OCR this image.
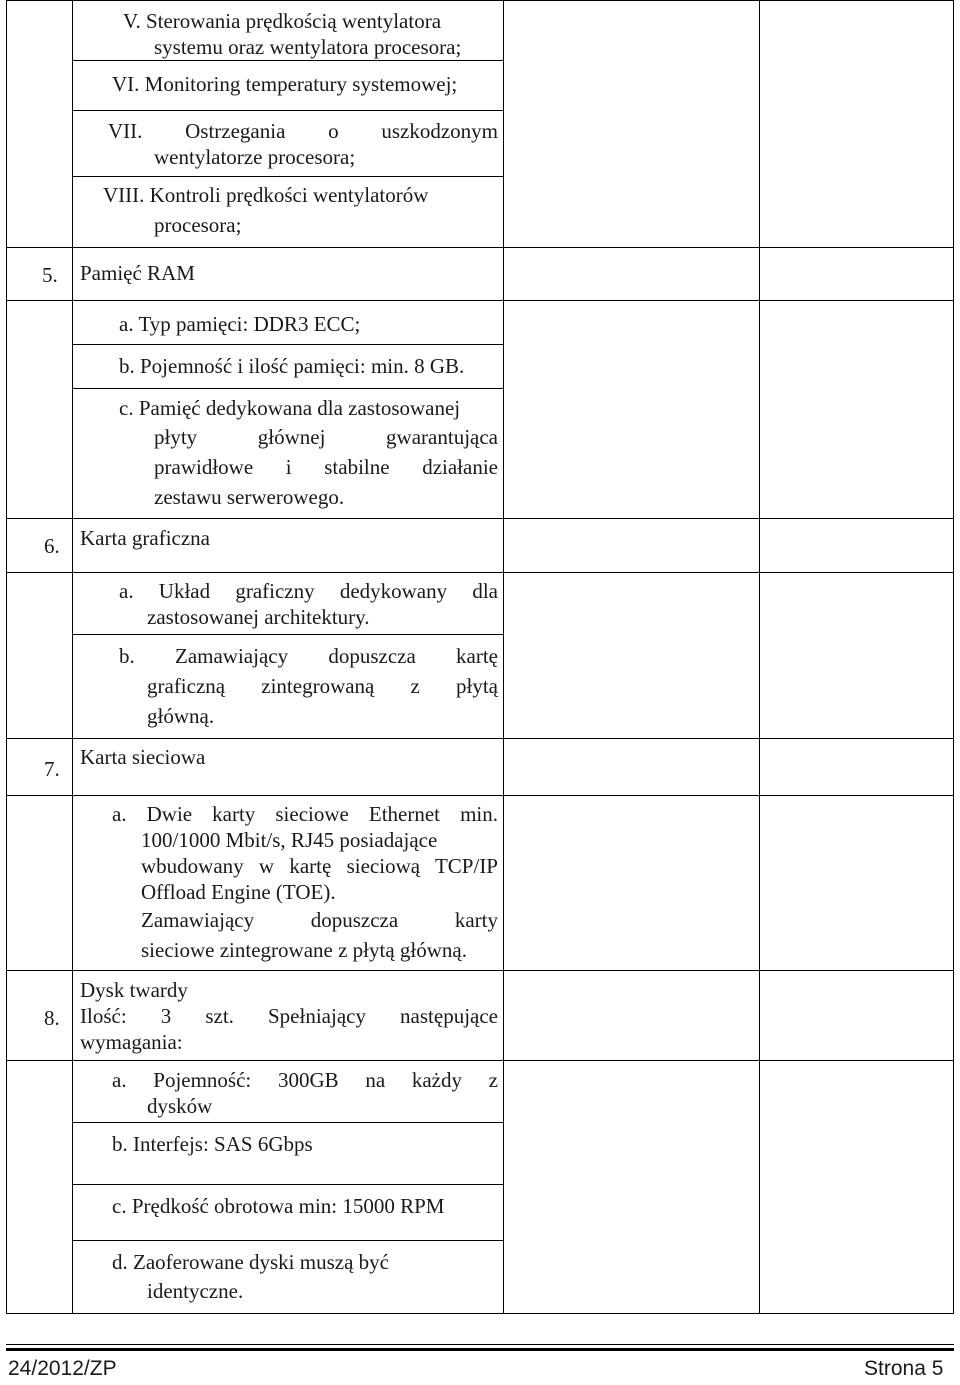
V. Sterowania prędkością wentylatora
systemu oraz wentylatora procesora;
VI. Monitoring temperatury systemowej;
VII. Ostrzegania o uszkodzonym
wentylatorze procesora;
VIII. Kontroli prędkości wentylatorów
procesora;
5. Pamięć RAM
a. Typ pamięci: DDR3 ECC;
b. Pojemność i ilość pamięci: min. 8 GB.
c. Pamięć dedykowana dla zastosowanej
płyty głównej gwarantująca
prawidłowe i stabilne działanie
zestawu serwerowego.
6. Karta graficzna
a. Układ graficzny dedykowany dla
zastosowanej architektury.
b. Zamawiający dopuszcza kartę
graficzną zintegrowaną z płytą
główną.
7. Karta sieciowa
a. Dwie karty sieciowe Ethernet min.
100/1000 Mbit/s, RJ45 posiadające
wbudowany w kartę sieciową TCP/IP
Offload Engine (TOE).
Zamawiający dopuszcza karty
sieciowe zintegrowane z płytą główną.
8.
Dysk twardy
Ilość: 3 szt. Spełniający następujące
wymagania:
a. Pojemność: 300GB na każdy z
dysków
b. Interfejs: SAS 6Gbps
c. Prędkość obrotowa min: 15000 RPM
d. Zaoferowane dyski muszą być
identyczne.
24/2012/ZP	Strona 5
